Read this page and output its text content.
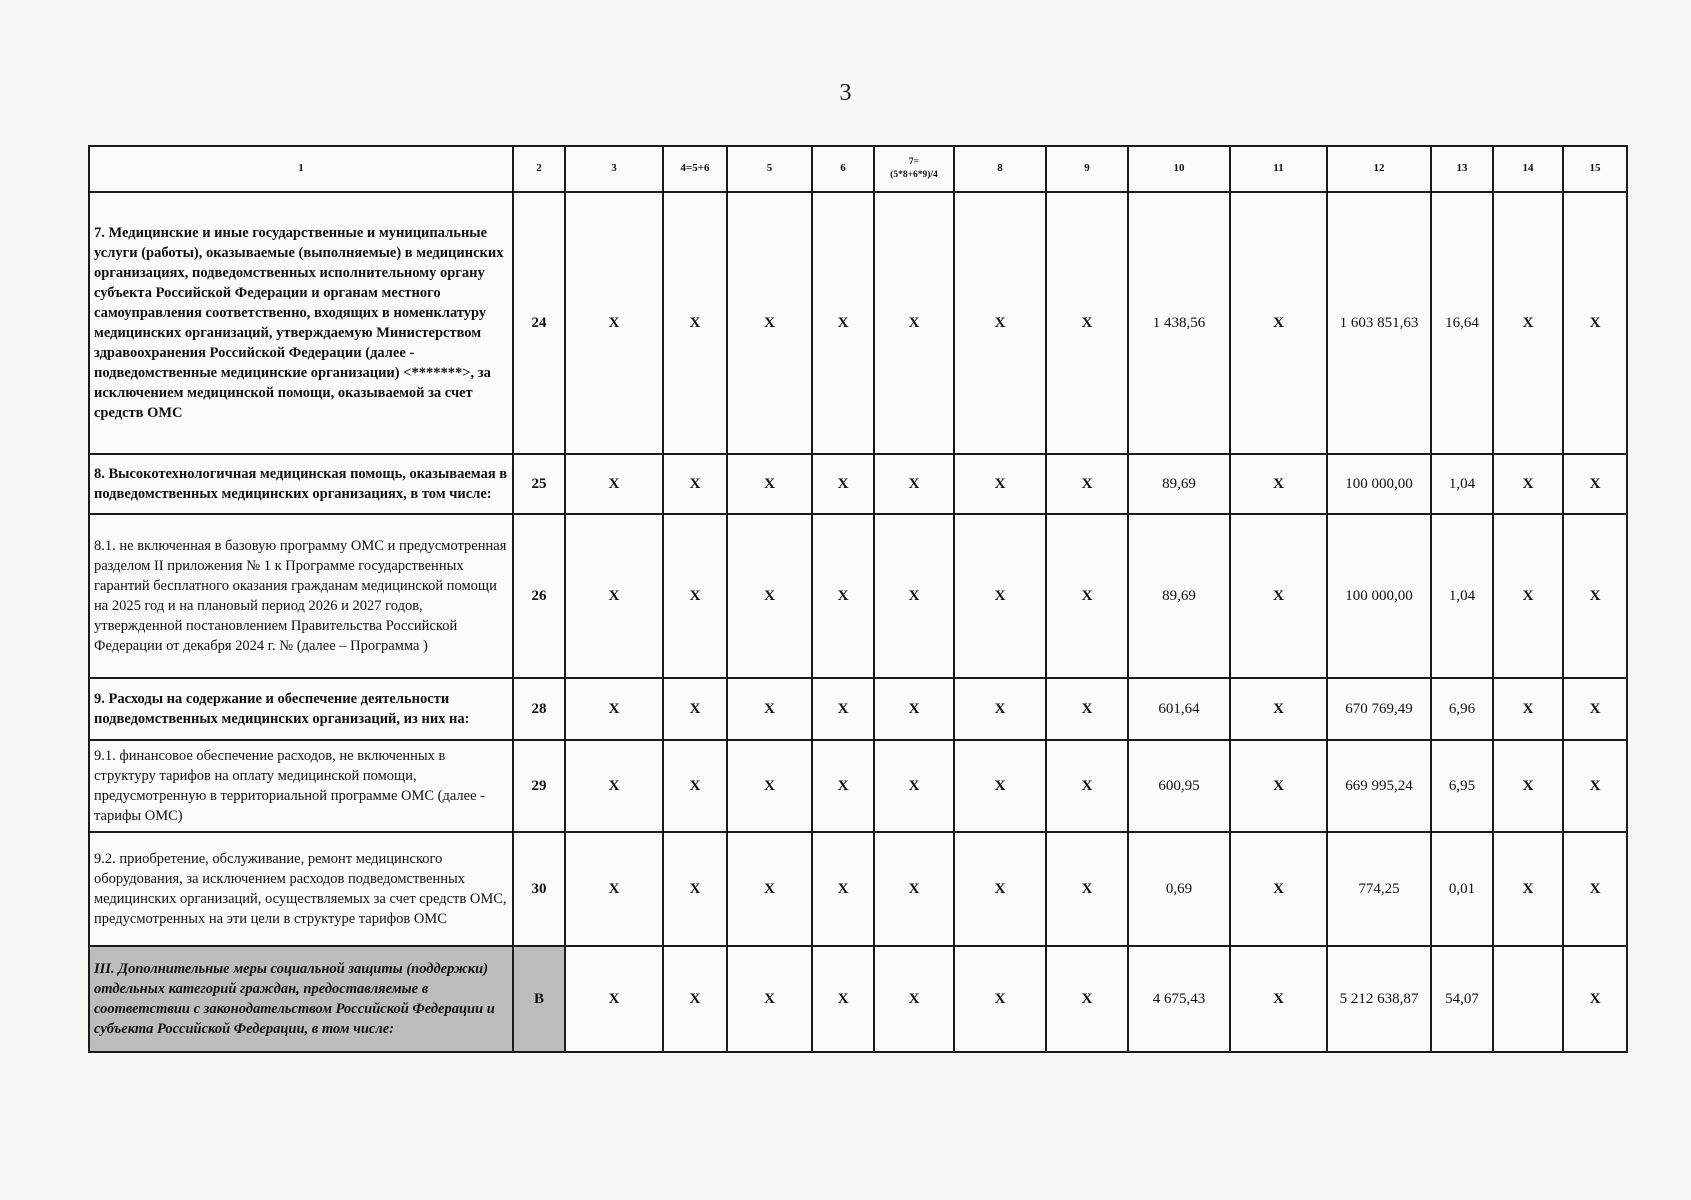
3
1	2	3	4=5+6	5	6	7=
(5*8+6*9)/4	8	9	10	11	12	13	14	15
7. Медицинские и иные государственные и муниципальные услуги (работы), оказываемые (выполняемые) в медицинских организациях, подведомственных исполнительному органу субъекта Российской Федерации и органам местного самоуправления соответственно, входящих в номенклатуру медицинских организаций, утверждаемую Министерством здравоохранения Российской Федерации (далее - подведомственные медицинские организации) <*******>, за исключением медицинской помощи, оказываемой за счет средств ОМС	24	X	X	X	X	X	X	X	1 438,56	X	1 603 851,63	16,64	X	X
8. Высокотехнологичная медицинская помощь, оказываемая в подведомственных медицинских организациях, в том числе:	25	X	X	X	X	X	X	X	89,69	X	100 000,00	1,04	X	X
8.1. не включенная в базовую программу ОМС и предусмотренная разделом II приложения № 1 к Программе государственных гарантий бесплатного оказания гражданам медицинской помощи на 2025 год и на плановый период 2026 и 2027 годов, утвержденной постановлением Правительства Российской Федерации от декабря 2024 г. № (далее – Программа )	26	X	X	X	X	X	X	X	89,69	X	100 000,00	1,04	X	X
9. Расходы на содержание и обеспечение деятельности подведомственных медицинских организаций, из них на:	28	X	X	X	X	X	X	X	601,64	X	670 769,49	6,96	X	X
9.1. финансовое обеспечение расходов, не включенных в структуру тарифов на оплату медицинской помощи, предусмотренную в территориальной программе ОМС (далее - тарифы ОМС)	29	X	X	X	X	X	X	X	600,95	X	669 995,24	6,95	X	X
9.2. приобретение, обслуживание, ремонт медицинского оборудования, за исключением расходов подведомственных медицинских организаций, осуществляемых за счет средств ОМС, предусмотренных на эти цели в структуре тарифов ОМС	30	X	X	X	X	X	X	X	0,69	X	774,25	0,01	X	X
III. Дополнительные меры социальной защиты (поддержки) отдельных категорий граждан, предоставляемые в соответствии с законодательством Российской Федерации и субъекта Российской Федерации, в том числе:	В	X	X	X	X	X	X	X	4 675,43	X	5 212 638,87	54,07		X
